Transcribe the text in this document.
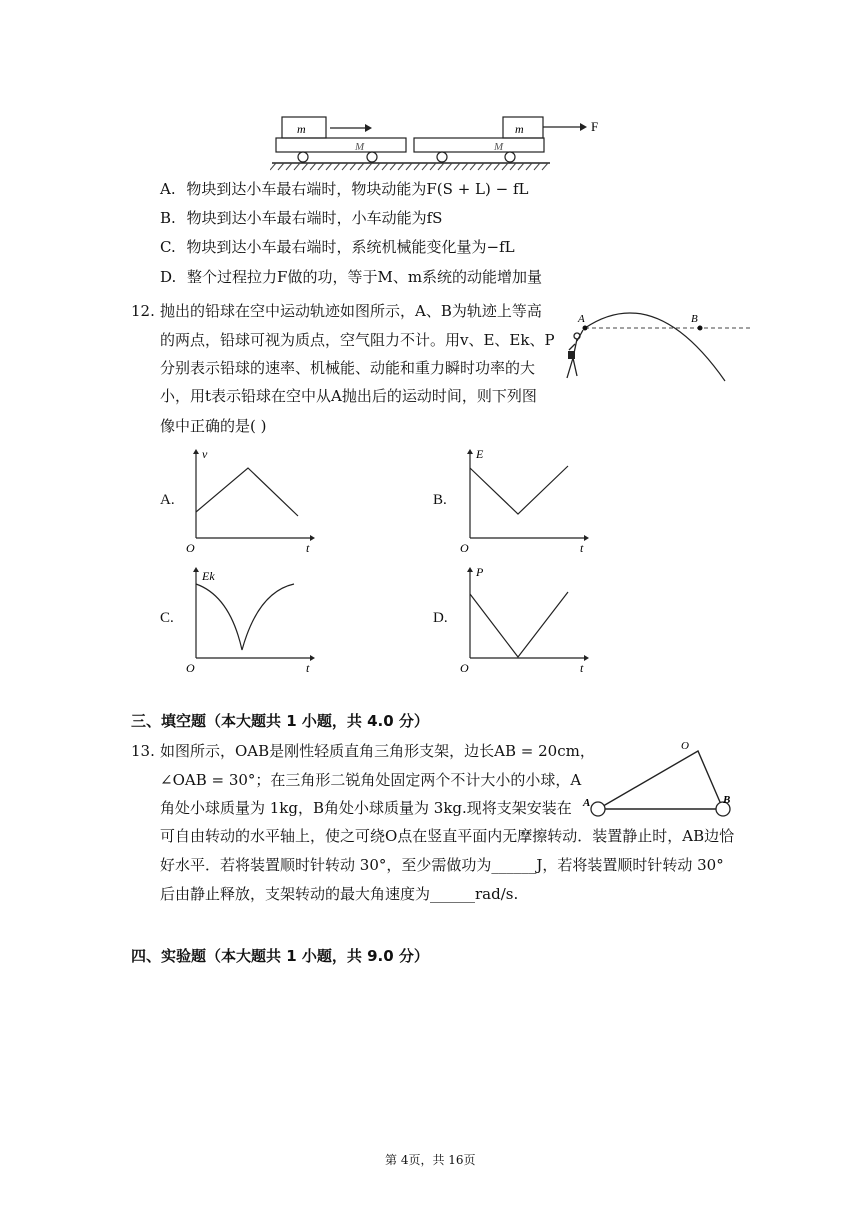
m
M
m	F
M
A. 物块到达小车最右端时，物块动能为F(S + L) − fL
B. 物块到达小车最右端时，小车动能为fS
C. 物块到达小车最右端时，系统机械能变化量为−fL
D. 整个过程拉力F做的功，等于M、m系统的动能增加量
12. 抛出的铅球在空中运动轨迹如图所示，A、B为轨迹上等高
的两点，铅球可视为质点，空气阻力不计。用v、E、Ek、P
分别表示铅球的速率、机械能、动能和重力瞬时功率的大
小，用t表示铅球在空中从A抛出后的运动时间，则下列图
像中正确的是( )
A	B
A.
v
t
O
B.
E
t
O
C.
Ek
t
O
D.
P
t
O
三、填空题（本大题共 1 小题，共 4.0 分）
13. 如图所示，OAB是刚性轻质直角三角形支架，边长AB = 20cm，
∠OAB = 30°；在三角形二锐角处固定两个不计大小的小球，A
角处小球质量为 1kg，B角处小球质量为 3kg.现将支架安装在
可自由转动的水平轴上，使之可绕O点在竖直平面内无摩擦转动．装置静止时，AB边恰
好水平．若将装置顺时针转动 30°，至少需做功为______J，若将装置顺时针转动 30°
后由静止释放，支架转动的最大角速度为______rad/s.
O
A	B
四、实验题（本大题共 1 小题，共 9.0 分）
第 4页，共 16页
